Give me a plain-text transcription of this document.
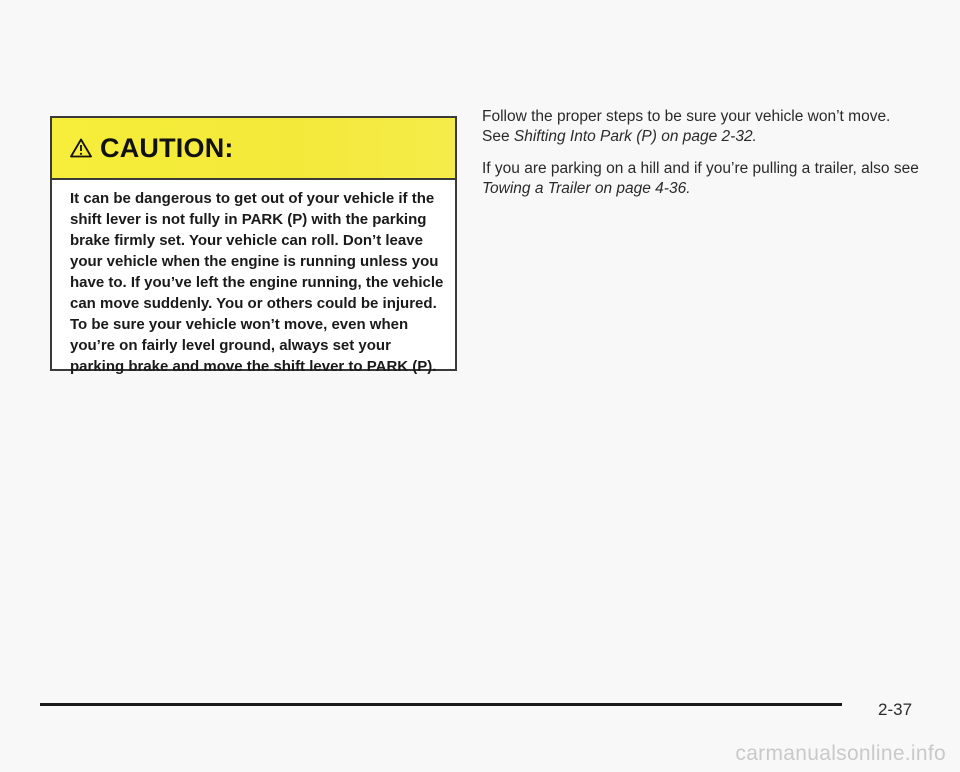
CAUTION:

It can be dangerous to get out of your vehicle if the shift lever is not fully in PARK (P) with the parking brake firmly set. Your vehicle can roll. Don’t leave your vehicle when the engine is running unless you have to. If you’ve left the engine running, the vehicle can move suddenly. You or others could be injured. To be sure your vehicle won’t move, even when you’re on fairly level ground, always set your parking brake and move the shift lever to PARK (P).

Follow the proper steps to be sure your vehicle won’t move. See Shifting Into Park (P) on page 2-32.

If you are parking on a hill and if you’re pulling a trailer, also see Towing a Trailer on page 4-36.

2-37
carmanualsonline.info
